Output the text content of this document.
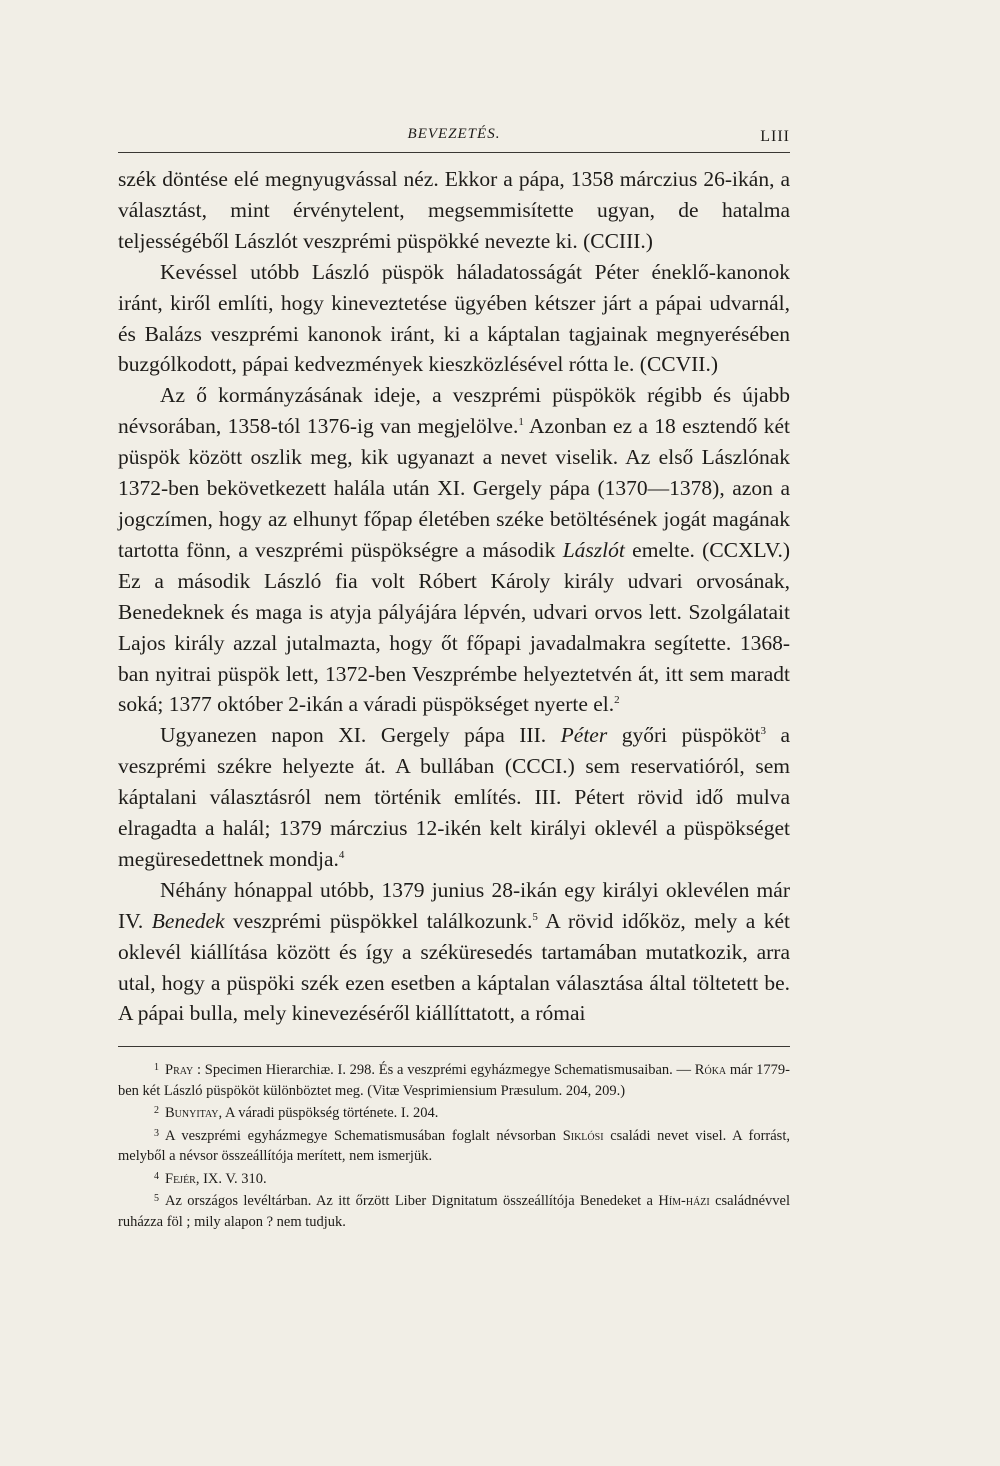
BEVEZETÉS.	LIII

szék döntése elé megnyugvással néz. Ekkor a pápa, 1358 márczius 26-ikán, a választást, mint érvénytelent, megsemmisítette ugyan, de hatalma teljességéből Lászlót veszprémi püspökké nevezte ki. (CCIII.)

Kevéssel utóbb László püspök háladatosságát Péter éneklő-kanonok iránt, kiről említi, hogy kineveztetése ügyében kétszer járt a pápai udvarnál, és Balázs veszprémi kanonok iránt, ki a káptalan tagjainak megnyerésében buzgólkodott, pápai kedvezmények kieszközlésével rótta le. (CCVII.)

Az ő kormányzásának ideje, a veszprémi püspökök régibb és újabb névsorában, 1358-tól 1376-ig van megjelölve.$^1$ Azonban ez a 18 esztendő két püspök között oszlik meg, kik ugyanazt a nevet viselik. Az első Lászlónak 1372-ben bekövetkezett halála után XI. Gergely pápa (1370—1378), azon a jogczímen, hogy az elhunyt főpap életében széke betöltésének jogát magának tartotta fönn, a veszprémi püspökségre a második Lászlót emelte. (CCXLV.) Ez a második László fia volt Róbert Károly király udvari orvosának, Benedeknek és maga is atyja pályájára lépvén, udvari orvos lett. Szolgálatait Lajos király azzal jutalmazta, hogy őt főpapi javadalmakra segítette. 1368-ban nyitrai püspök lett, 1372-ben Veszprémbe helyeztetvén át, itt sem maradt soká; 1377 október 2-ikán a váradi püspökséget nyerte el.$^2$

Ugyanezen napon XI. Gergely pápa III. Péter győri püspököt$^3$ a veszprémi székre helyezte át. A bullában (CCCI.) sem reservatióról, sem káptalani választásról nem történik említés. III. Pétert rövid idő mulva elragadta a halál; 1379 márczius 12-ikén kelt királyi oklevél a püspökséget megüresedettnek mondja.$^4$

Néhány hónappal utóbb, 1379 junius 28-ikán egy királyi oklevélen már IV. Benedek veszprémi püspökkel találkozunk.$^5$ A rövid időköz, mely a két oklevél kiállítása között és így a széküresedés tartamában mutatkozik, arra utal, hogy a püspöki szék ezen esetben a káptalan választása által töltetett be. A pápai bulla, mely kinevezéséről kiállíttatott, a római

$^1$ Pray : Specimen Hierarchiæ. I. 298. És a veszprémi egyházmegye Schematismusaiban. — Róka már 1779-ben két László püspököt különböztet meg. (Vitæ Vesprimiensium Præsulum. 204, 209.)

$^2$ Bunyitay, A váradi püspökség története. I. 204.

$^3$ A veszprémi egyházmegye Schematismusában foglalt névsorban Siklósi családi nevet visel. A forrást, melyből a névsor összeállítója merített, nem ismerjük.

$^4$ Fejér, IX. V. 310.

$^5$ Az országos levéltárban. Az itt őrzött Liber Dignitatum összeállítója Benedeket a Hím-házi családnévvel ruházza föl ; mily alapon ? nem tudjuk.
